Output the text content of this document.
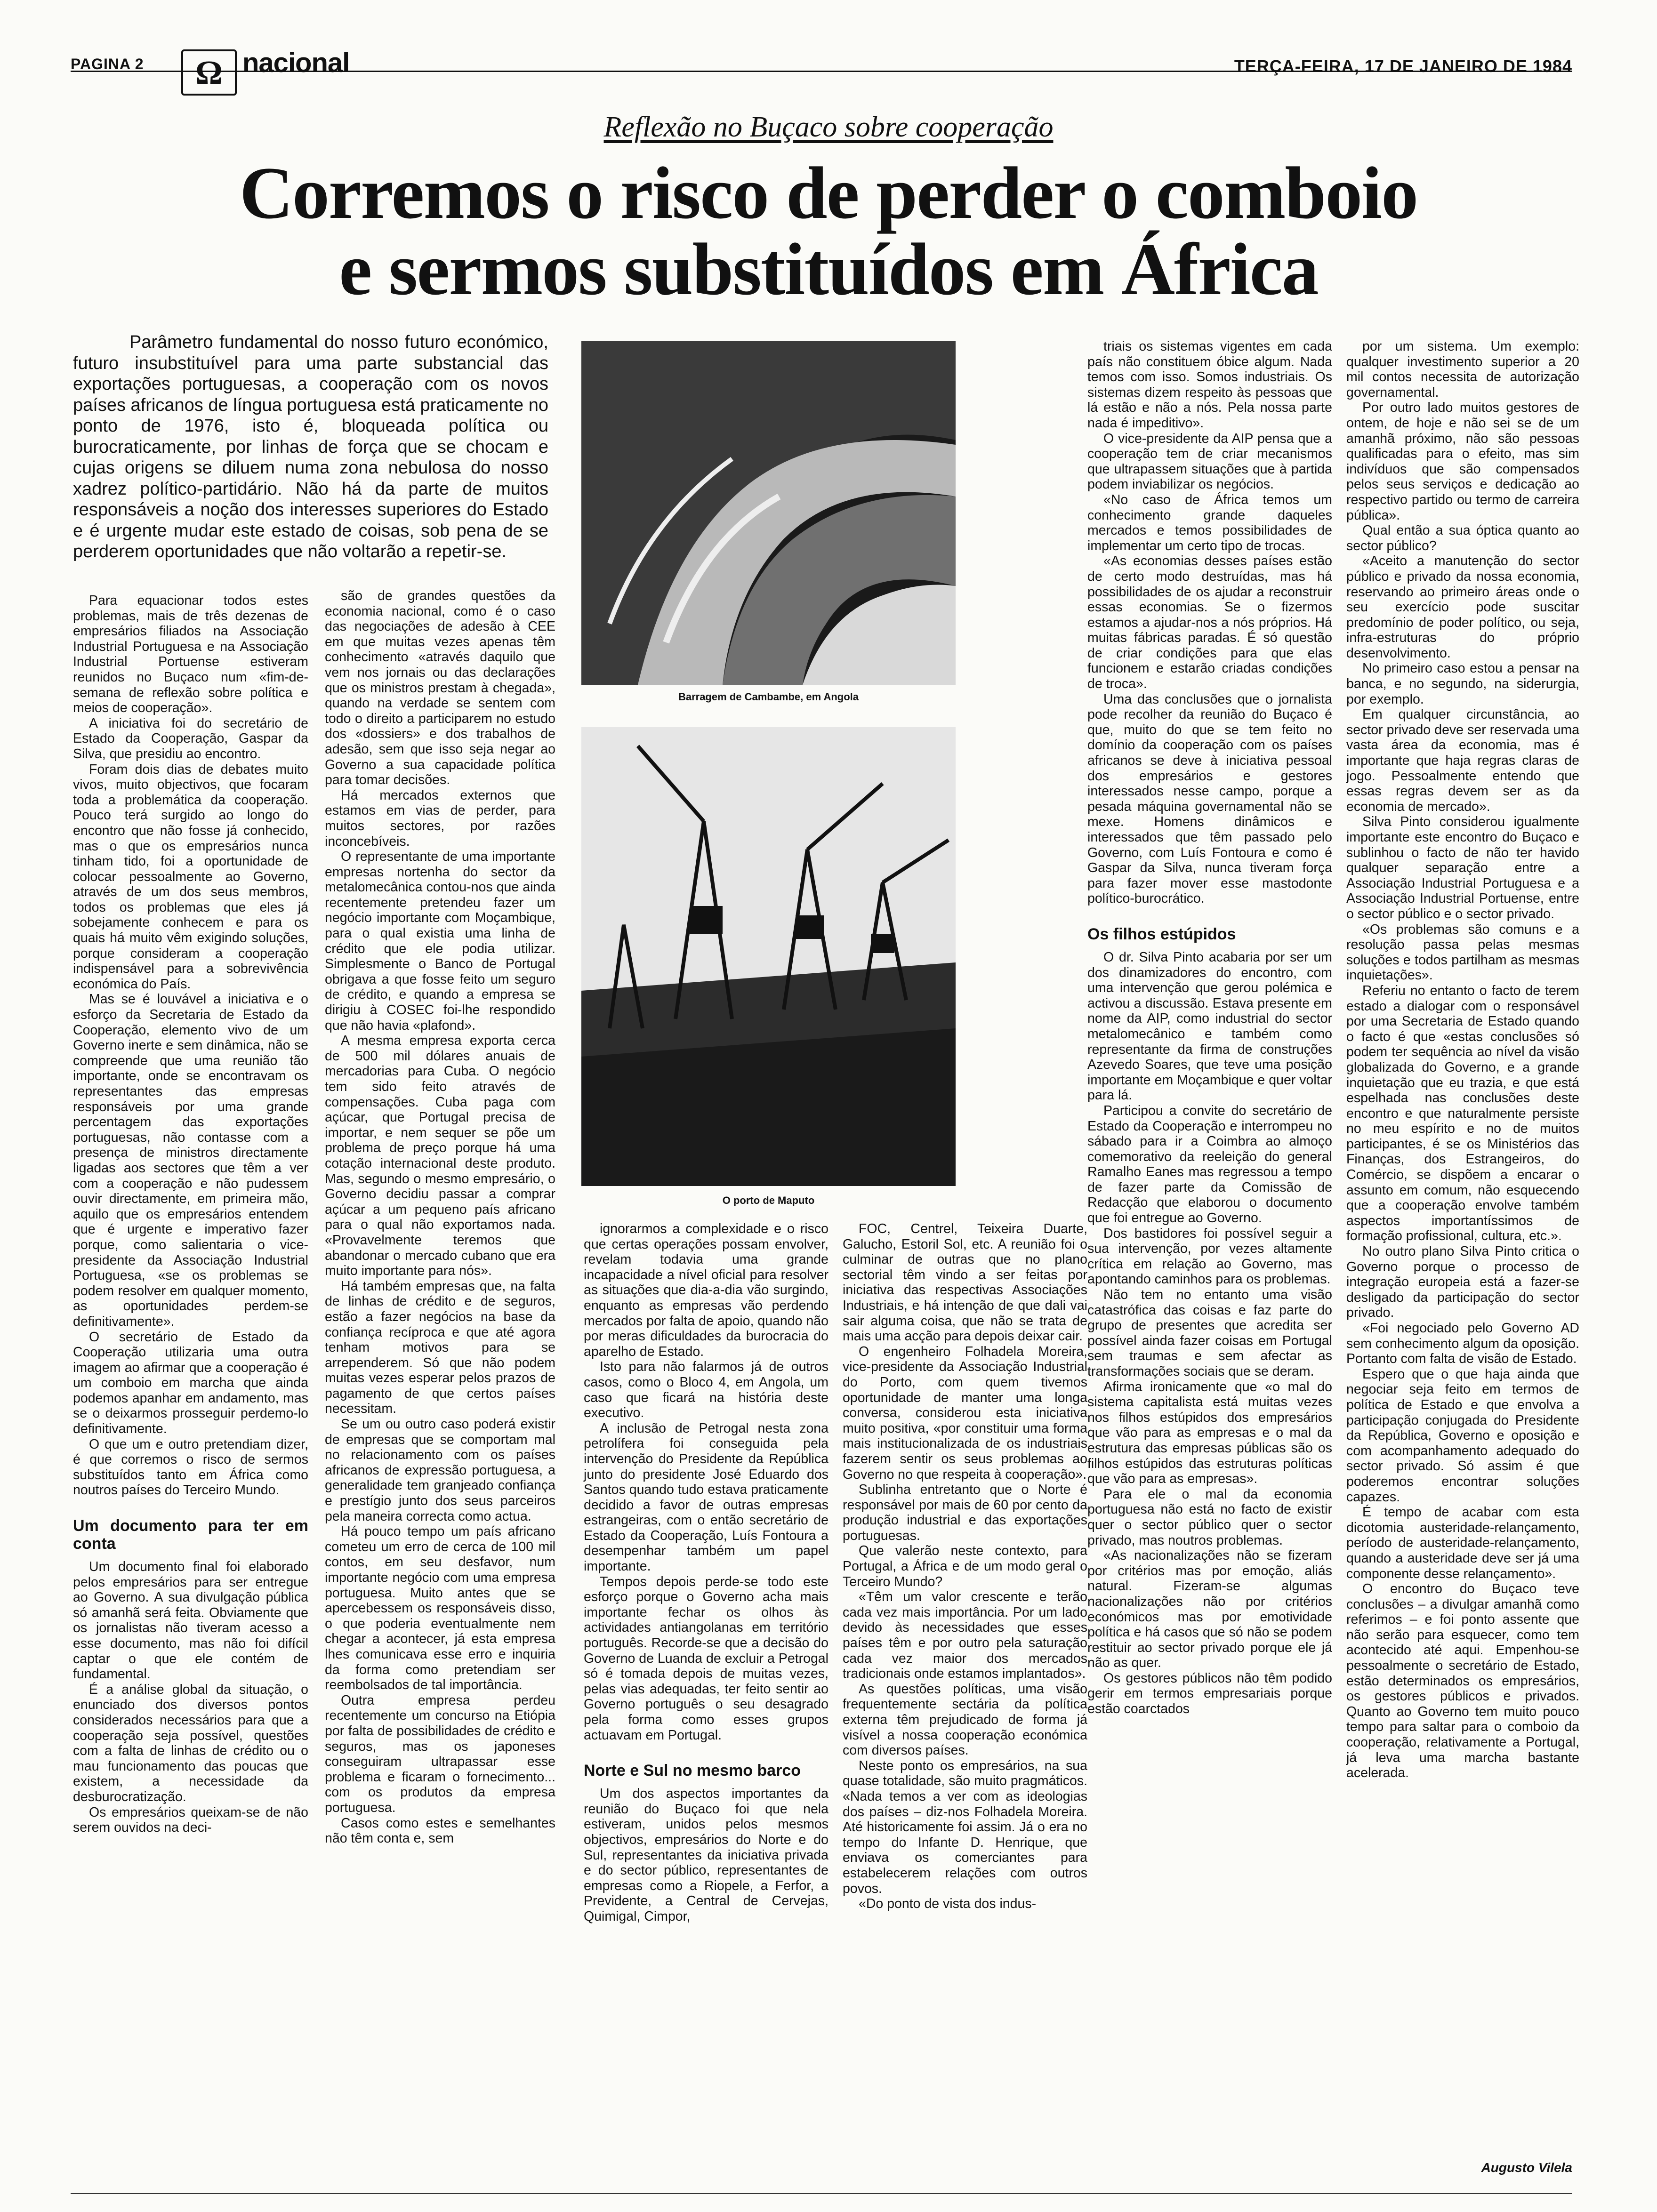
PAGINA 2 Ω nacional	TERÇA-FEIRA, 17 DE JANEIRO DE 1984
Reflexão no Buçaco sobre cooperação
Corremos o risco de perder o comboio
e sermos substituídos em África

Parâmetro fundamental do nosso futuro económico, futuro insubstituível para uma parte substancial das exportações portuguesas, a cooperação com os novos países africanos de língua portuguesa está praticamente no ponto de 1976, isto é, bloqueada política ou burocraticamente, por linhas de força que se chocam e cujas origens se diluem numa zona nebulosa do nosso xadrez político-partidário. Não há da parte de muitos responsáveis a noção dos interesses superiores do Estado e é urgente mudar este estado de coisas, sob pena de se perderem oportunidades que não voltarão a repetir-se.

Para equacionar todos estes problemas, mais de três dezenas de empresários filiados na Associação Industrial Portuguesa e na Associação Industrial Portuense estiveram reunidos no Buçaco num «fim-de-semana de reflexão sobre política e meios de cooperação».

A iniciativa foi do secretário de Estado da Cooperação, Gaspar da Silva, que presidiu ao encontro.

Foram dois dias de debates muito vivos, muito objectivos, que focaram toda a problemática da cooperação. Pouco terá surgido ao longo do encontro que não fosse já conhecido, mas o que os empresários nunca tinham tido, foi a oportunidade de colocar pessoalmente ao Governo, através de um dos seus membros, todos os problemas que eles já sobejamente conhecem e para os quais há muito vêm exigindo soluções, porque consideram a cooperação indispensável para a sobrevivência económica do País.

Mas se é louvável a iniciativa e o esforço da Secretaria de Estado da Cooperação, elemento vivo de um Governo inerte e sem dinâmica, não se compreende que uma reunião tão importante, onde se encontravam os representantes das empresas responsáveis por uma grande percentagem das exportações portuguesas, não contasse com a presença de ministros directamente ligadas aos sectores que têm a ver com a cooperação e não pudessem ouvir directamente, em primeira mão, aquilo que os empresários entendem que é urgente e imperativo fazer porque, como salientaria o vice-presidente da Associação Industrial Portuguesa, «se os problemas se podem resolver em qualquer momento, as oportunidades perdem-se definitivamente».

O secretário de Estado da Cooperação utilizaria uma outra imagem ao afirmar que a cooperação é um comboio em marcha que ainda podemos apanhar em andamento, mas se o deixarmos prosseguir perdemo-lo definitivamente.

O que um e outro pretendiam dizer, é que corremos o risco de sermos substituídos tanto em África como noutros países do Terceiro Mundo.

Um documento para ter em conta

Um documento final foi elaborado pelos empresários para ser entregue ao Governo. A sua divulgação pública só amanhã será feita. Obviamente que os jornalistas não tiveram acesso a esse documento, mas não foi difícil captar o que ele contém de fundamental.

É a análise global da situação, o enunciado dos diversos pontos considerados necessários para que a cooperação seja possível, questões com a falta de linhas de crédito ou o mau funcionamento das poucas que existem, a necessidade da desburocratização.

Os empresários queixam-se de não serem ouvidos na deci-

são de grandes questões da economia nacional, como é o caso das negociações de adesão à CEE em que muitas vezes apenas têm conhecimento «através daquilo que vem nos jornais ou das declarações que os ministros prestam à chegada», quando na verdade se sentem com todo o direito a participarem no estudo dos «dossiers» e dos trabalhos de adesão, sem que isso seja negar ao Governo a sua capacidade política para tomar decisões.

Há mercados externos que estamos em vias de perder, para muitos sectores, por razões inconcebíveis.

O representante de uma importante empresas nortenha do sector da metalomecânica contou-nos que ainda recentemente pretendeu fazer um negócio importante com Moçambique, para o qual existia uma linha de crédito que ele podia utilizar. Simplesmente o Banco de Portugal obrigava a que fosse feito um seguro de crédito, e quando a empresa se dirigiu à COSEC foi-lhe respondido que não havia «plafond».

A mesma empresa exporta cerca de 500 mil dólares anuais de mercadorias para Cuba. O negócio tem sido feito através de compensações. Cuba paga com açúcar, que Portugal precisa de importar, e nem sequer se põe um problema de preço porque há uma cotação internacional deste produto. Mas, segundo o mesmo empresário, o Governo decidiu passar a comprar açúcar a um pequeno país africano para o qual não exportamos nada. «Provavelmente teremos que abandonar o mercado cubano que era muito importante para nós».

Há também empresas que, na falta de linhas de crédito e de seguros, estão a fazer negócios na base da confiança recíproca e que até agora tenham motivos para se arrependerem. Só que não podem muitas vezes esperar pelos prazos de pagamento de que certos países necessitam.

Se um ou outro caso poderá existir de empresas que se comportam mal no relacionamento com os países africanos de expressão portuguesa, a generalidade tem granjeado confiança e prestígio junto dos seus parceiros pela maneira correcta como actua.

Há pouco tempo um país africano cometeu um erro de cerca de 100 mil contos, em seu desfavor, num importante negócio com uma empresa portuguesa. Muito antes que se apercebessem os responsáveis disso, o que poderia eventualmente nem chegar a acontecer, já esta empresa lhes comunicava esse erro e inquiria da forma como pretendiam ser reembolsados de tal importância.

Outra empresa perdeu recentemente um concurso na Etiópia por falta de possibilidades de crédito e seguros, mas os japoneses conseguiram ultrapassar esse problema e ficaram o fornecimento... com os produtos da empresa portuguesa.

Casos como estes e semelhantes não têm conta e, sem

Barragem de Cambambe, em Angola
O porto de Maputo

ignorarmos a complexidade e o risco que certas operações possam envolver, revelam todavia uma grande incapacidade a nível oficial para resolver as situações que dia-a-dia vão surgindo, enquanto as empresas vão perdendo mercados por falta de apoio, quando não por meras dificuldades da burocracia do aparelho de Estado.

Isto para não falarmos já de outros casos, como o Bloco 4, em Angola, um caso que ficará na história deste executivo.

A inclusão de Petrogal nesta zona petrolífera foi conseguida pela intervenção do Presidente da República junto do presidente José Eduardo dos Santos quando tudo estava praticamente decidido a favor de outras empresas estrangeiras, com o então secretário de Estado da Cooperação, Luís Fontoura a desempenhar também um papel importante.

Tempos depois perde-se todo este esforço porque o Governo acha mais importante fechar os olhos às actividades antiangolanas em território português. Recorde-se que a decisão do Governo de Luanda de excluir a Petrogal só é tomada depois de muitas vezes, pelas vias adequadas, ter feito sentir ao Governo português o seu desagrado pela forma como esses grupos actuavam em Portugal.

Norte e Sul no mesmo barco

Um dos aspectos importantes da reunião do Buçaco foi que nela estiveram, unidos pelos mesmos objectivos, empresários do Norte e do Sul, representantes da iniciativa privada e do sector público, representantes de empresas como a Riopele, a Ferfor, a Previdente, a Central de Cervejas, Quimigal, Cimpor,

FOC, Centrel, Teixeira Duarte, Galucho, Estoril Sol, etc. A reunião foi o culminar de outras que no plano sectorial têm vindo a ser feitas por iniciativa das respectivas Associações Industriais, e há intenção de que dali vai sair alguma coisa, que não se trata de mais uma acção para depois deixar cair.

O engenheiro Folhadela Moreira, vice-presidente da Associação Industrial do Porto, com quem tivemos oportunidade de manter uma longa conversa, considerou esta iniciativa muito positiva, «por constituir uma forma mais institucionalizada de os industriais fazerem sentir os seus problemas ao Governo no que respeita à cooperação».

Sublinha entretanto que o Norte é responsável por mais de 60 por cento da produção industrial e das exportações portuguesas.

Que valerão neste contexto, para Portugal, a África e de um modo geral o Terceiro Mundo?

«Têm um valor crescente e terão cada vez mais importância. Por um lado devido às necessidades que esses países têm e por outro pela saturação cada vez maior dos mercados tradicionais onde estamos implantados».

As questões políticas, uma visão frequentemente sectária da política externa têm prejudicado de forma já visível a nossa cooperação económica com diversos países.

Neste ponto os empresários, na sua quase totalidade, são muito pragmáticos. «Nada temos a ver com as ideologias dos países – diz-nos Folhadela Moreira. Até historicamente foi assim. Já o era no tempo do Infante D. Henrique, que enviava os comerciantes para estabelecerem relações com outros povos.

«Do ponto de vista dos indus-

triais os sistemas vigentes em cada país não constituem óbice algum. Nada temos com isso. Somos industriais. Os sistemas dizem respeito às pessoas que lá estão e não a nós. Pela nossa parte nada é impeditivo».

O vice-presidente da AIP pensa que a cooperação tem de criar mecanismos que ultrapassem situações que à partida podem inviabilizar os negócios.

«No caso de África temos um conhecimento grande daqueles mercados e temos possibilidades de implementar um certo tipo de trocas.

«As economias desses países estão de certo modo destruídas, mas há possibilidades de os ajudar a reconstruir essas economias. Se o fizermos estamos a ajudar-nos a nós próprios. Há muitas fábricas paradas. É só questão de criar condições para que elas funcionem e estarão criadas condições de troca».

Uma das conclusões que o jornalista pode recolher da reunião do Buçaco é que, muito do que se tem feito no domínio da cooperação com os países africanos se deve à iniciativa pessoal dos empresários e gestores interessados nesse campo, porque a pesada máquina governamental não se mexe. Homens dinâmicos e interessados que têm passado pelo Governo, com Luís Fontoura e como é Gaspar da Silva, nunca tiveram força para fazer mover esse mastodonte político-burocrático.

Os filhos estúpidos

O dr. Silva Pinto acabaria por ser um dos dinamizadores do encontro, com uma intervenção que gerou polémica e activou a discussão. Estava presente em nome da AIP, como industrial do sector metalomecânico e também como representante da firma de construções Azevedo Soares, que teve uma posição importante em Moçambique e quer voltar para lá.

Participou a convite do secretário de Estado da Cooperação e interrompeu no sábado para ir a Coimbra ao almoço comemorativo da reeleição do general Ramalho Eanes mas regressou a tempo de fazer parte da Comissão de Redacção que elaborou o documento que foi entregue ao Governo.

Dos bastidores foi possível seguir a sua intervenção, por vezes altamente crítica em relação ao Governo, mas apontando caminhos para os problemas.

Não tem no entanto uma visão catastrófica das coisas e faz parte do grupo de presentes que acredita ser possível ainda fazer coisas em Portugal sem traumas e sem afectar as transformações sociais que se deram.

Afirma ironicamente que «o mal do sistema capitalista está muitas vezes nos filhos estúpidos dos empresários que vão para as empresas e o mal da estrutura das empresas públicas são os filhos estúpidos das estruturas políticas que vão para as empresas».

Para ele o mal da economia portuguesa não está no facto de existir quer o sector público quer o sector privado, mas noutros problemas.

«As nacionalizações não se fizeram por critérios mas por emoção, aliás natural. Fizeram-se algumas nacionalizações não por critérios económicos mas por emotividade política e há casos que só não se podem restituir ao sector privado porque ele já não as quer.

Os gestores públicos não têm podido gerir em termos empresariais porque estão coarctados

por um sistema. Um exemplo: qualquer investimento superior a 20 mil contos necessita de autorização governamental.

Por outro lado muitos gestores de ontem, de hoje e não sei se de um amanhã próximo, não são pessoas qualificadas para o efeito, mas sim indivíduos que são compensados pelos seus serviços e dedicação ao respectivo partido ou termo de carreira pública».

Qual então a sua óptica quanto ao sector público?

«Aceito a manutenção do sector público e privado da nossa economia, reservando ao primeiro áreas onde o seu exercício pode suscitar predomínio de poder político, ou seja, infra-estruturas do próprio desenvolvimento.

No primeiro caso estou a pensar na banca, e no segundo, na siderurgia, por exemplo.

Em qualquer circunstância, ao sector privado deve ser reservada uma vasta área da economia, mas é importante que haja regras claras de jogo. Pessoalmente entendo que essas regras devem ser as da economia de mercado».

Silva Pinto considerou igualmente importante este encontro do Buçaco e sublinhou o facto de não ter havido qualquer separação entre a Associação Industrial Portuguesa e a Associação Industrial Portuense, entre o sector público e o sector privado.

«Os problemas são comuns e a resolução passa pelas mesmas soluções e todos partilham as mesmas inquietações».

Referiu no entanto o facto de terem estado a dialogar com o responsável por uma Secretaria de Estado quando o facto é que «estas conclusões só podem ter sequência ao nível da visão globalizada do Governo, e a grande inquietação que eu trazia, e que está espelhada nas conclusões deste encontro e que naturalmente persiste no meu espírito e no de muitos participantes, é se os Ministérios das Finanças, dos Estrangeiros, do Comércio, se dispõem a encarar o assunto em comum, não esquecendo que a cooperação envolve também aspectos importantíssimos de formação profissional, cultura, etc.».

No outro plano Silva Pinto critica o Governo porque o processo de integração europeia está a fazer-se desligado da participação do sector privado.

«Foi negociado pelo Governo AD sem conhecimento algum da oposição. Portanto com falta de visão de Estado.

Espero que o que haja ainda que negociar seja feito em termos de política de Estado e que envolva a participação conjugada do Presidente da República, Governo e oposição e com acompanhamento adequado do sector privado. Só assim é que poderemos encontrar soluções capazes.

É tempo de acabar com esta dicotomia austeridade-relançamento, período de austeridade-relançamento, quando a austeridade deve ser já uma componente desse relançamento».

O encontro do Buçaco teve conclusões – a divulgar amanhã como referimos – e foi ponto assente que não serão para esquecer, como tem acontecido até aqui. Empenhou-se pessoalmente o secretário de Estado, estão determinados os empresários, os gestores públicos e privados. Quanto ao Governo tem muito pouco tempo para saltar para o comboio da cooperação, relativamente a Portugal, já leva uma marcha bastante acelerada.

Augusto Vilela
